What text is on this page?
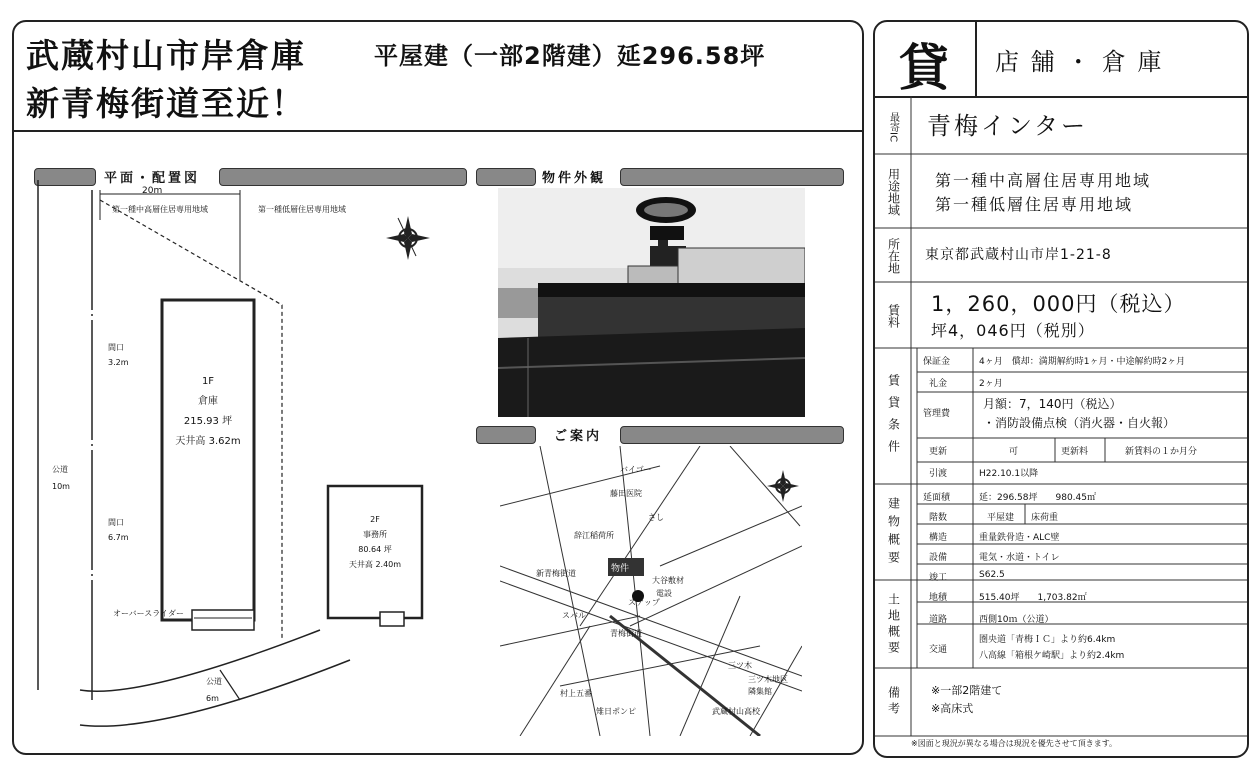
武蔵村山市岸倉庫	平屋建（一部2階建）延296.58坪
新青梅街道至近！
平面・配置図	物件外観
ご案内
20m
第一種中高層住居専用地域	第一種低層住居専用地域
間口
3.2m
間口
6.7m
公道
10m
公道
6m
オーバースライダー
1F
倉庫
215.93 坪
天井高 3.62m
2F
事務所
80.64 坪
天井高 2.40m
バイゴー
藤田医院
さし
辞江稲荷所
物件
大谷敷材
電設
新青梅街道
ステップ
スバル
青梅街道
村上五番
三ツ木地区
隣集館
雉日ポンピ	武蔵村山高校
三ツ木
貸 店 舗 ・ 倉 庫
最寄IC	青梅インター
用途地域	第一種中高層住居専用地域
第一種低層住居専用地域
所在地	東京都武蔵村山市岸1-21-8
賃料	1，260，000円（税込）
坪4，046円（税別）
賃貸条件
保証金	4ヶ月　償却：満期解約時1ヶ月・中途解約時2ヶ月
礼金	2ヶ月
管理費
月額：7，140円（税込）
・消防設備点検（消火器・自火報）
更新	可	更新料	新賃料の１か月分
引渡	H22.10.1以降
建物概要	延面積	延：296.58坪　　980.45㎡
階数	平屋建 床荷重
構造	重量鉄骨造・ALC壁
設備	電気・水道・トイレ
竣工	S62.5
土地概要	地積	515.40坪　　1,703.82㎡
道路	西側10ｍ（公道）
交通
圏央道「青梅ＩＣ」より約6.4km
八高線「箱根ケ崎駅」より約2.4km
備考	※一部2階建て
※高床式
※図面と現況が異なる場合は現況を優先させて頂きます。
